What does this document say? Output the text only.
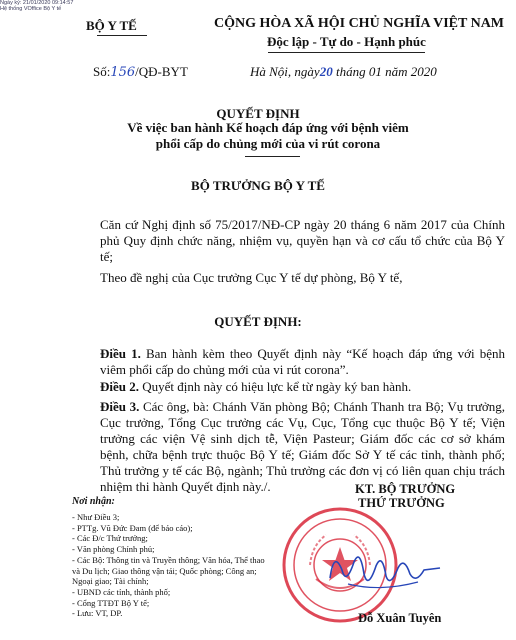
Ngày ký: 21/01/2020 09:14:57
Hệ thống VOffice Bộ Y tế
BỘ Y TẾ	CỘNG HÒA XÃ HỘI CHỦ NGHĨA VIỆT NAM
Độc lập - Tự do - Hạnh phúc
Số:156/QĐ-BYT	Hà Nội, ngày20 tháng 01 năm 2020
QUYẾT ĐỊNH
Về việc ban hành Kế hoạch đáp ứng với bệnh viêm phổi cấp do chủng mới của vi rút corona
BỘ TRƯỞNG BỘ Y TẾ
Căn cứ Nghị định số 75/2017/NĐ-CP ngày 20 tháng 6 năm 2017 của Chính phủ Quy định chức năng, nhiệm vụ, quyền hạn và cơ cấu tổ chức của Bộ Y tế;
Theo đề nghị của Cục trưởng Cục Y tế dự phòng, Bộ Y tế,
QUYẾT ĐỊNH:
Điều 1. Ban hành kèm theo Quyết định này “Kế hoạch đáp ứng với bệnh viêm phổi cấp do chủng mới của vi rút corona”.
Điều 2. Quyết định này có hiệu lực kể từ ngày ký ban hành.
Điều 3. Các ông, bà: Chánh Văn phòng Bộ; Chánh Thanh tra Bộ; Vụ trưởng, Cục trưởng, Tổng Cục trưởng các Vụ, Cục, Tổng cục thuộc Bộ Y tế; Viện trưởng các viện Vệ sinh dịch tễ, Viện Pasteur; Giám đốc các cơ sở khám bệnh, chữa bệnh trực thuộc Bộ Y tế; Giám đốc Sở Y tế các tỉnh, thành phố; Thủ trưởng y tế các Bộ, ngành; Thủ trưởng các đơn vị có liên quan chịu trách nhiệm thi hành Quyết định này./.
Nơi nhận:
- Như Điều 3;
- PTTg. Vũ Đức Đam (để báo cáo);
- Các Đ/c Thứ trưởng;
- Văn phòng Chính phủ;
- Các Bộ: Thông tin và Truyền thông; Văn hóa, Thể thao và Du lịch; Giao thông vận tải; Quốc phòng; Công an; Ngoại giao; Tài chính;
- UBND các tỉnh, thành phố;
- Cổng TTĐT Bộ Y tế;
- Lưu: VT, DP.
KT. BỘ TRƯỞNG
THỨ TRƯỞNG
Đỗ Xuân Tuyên
